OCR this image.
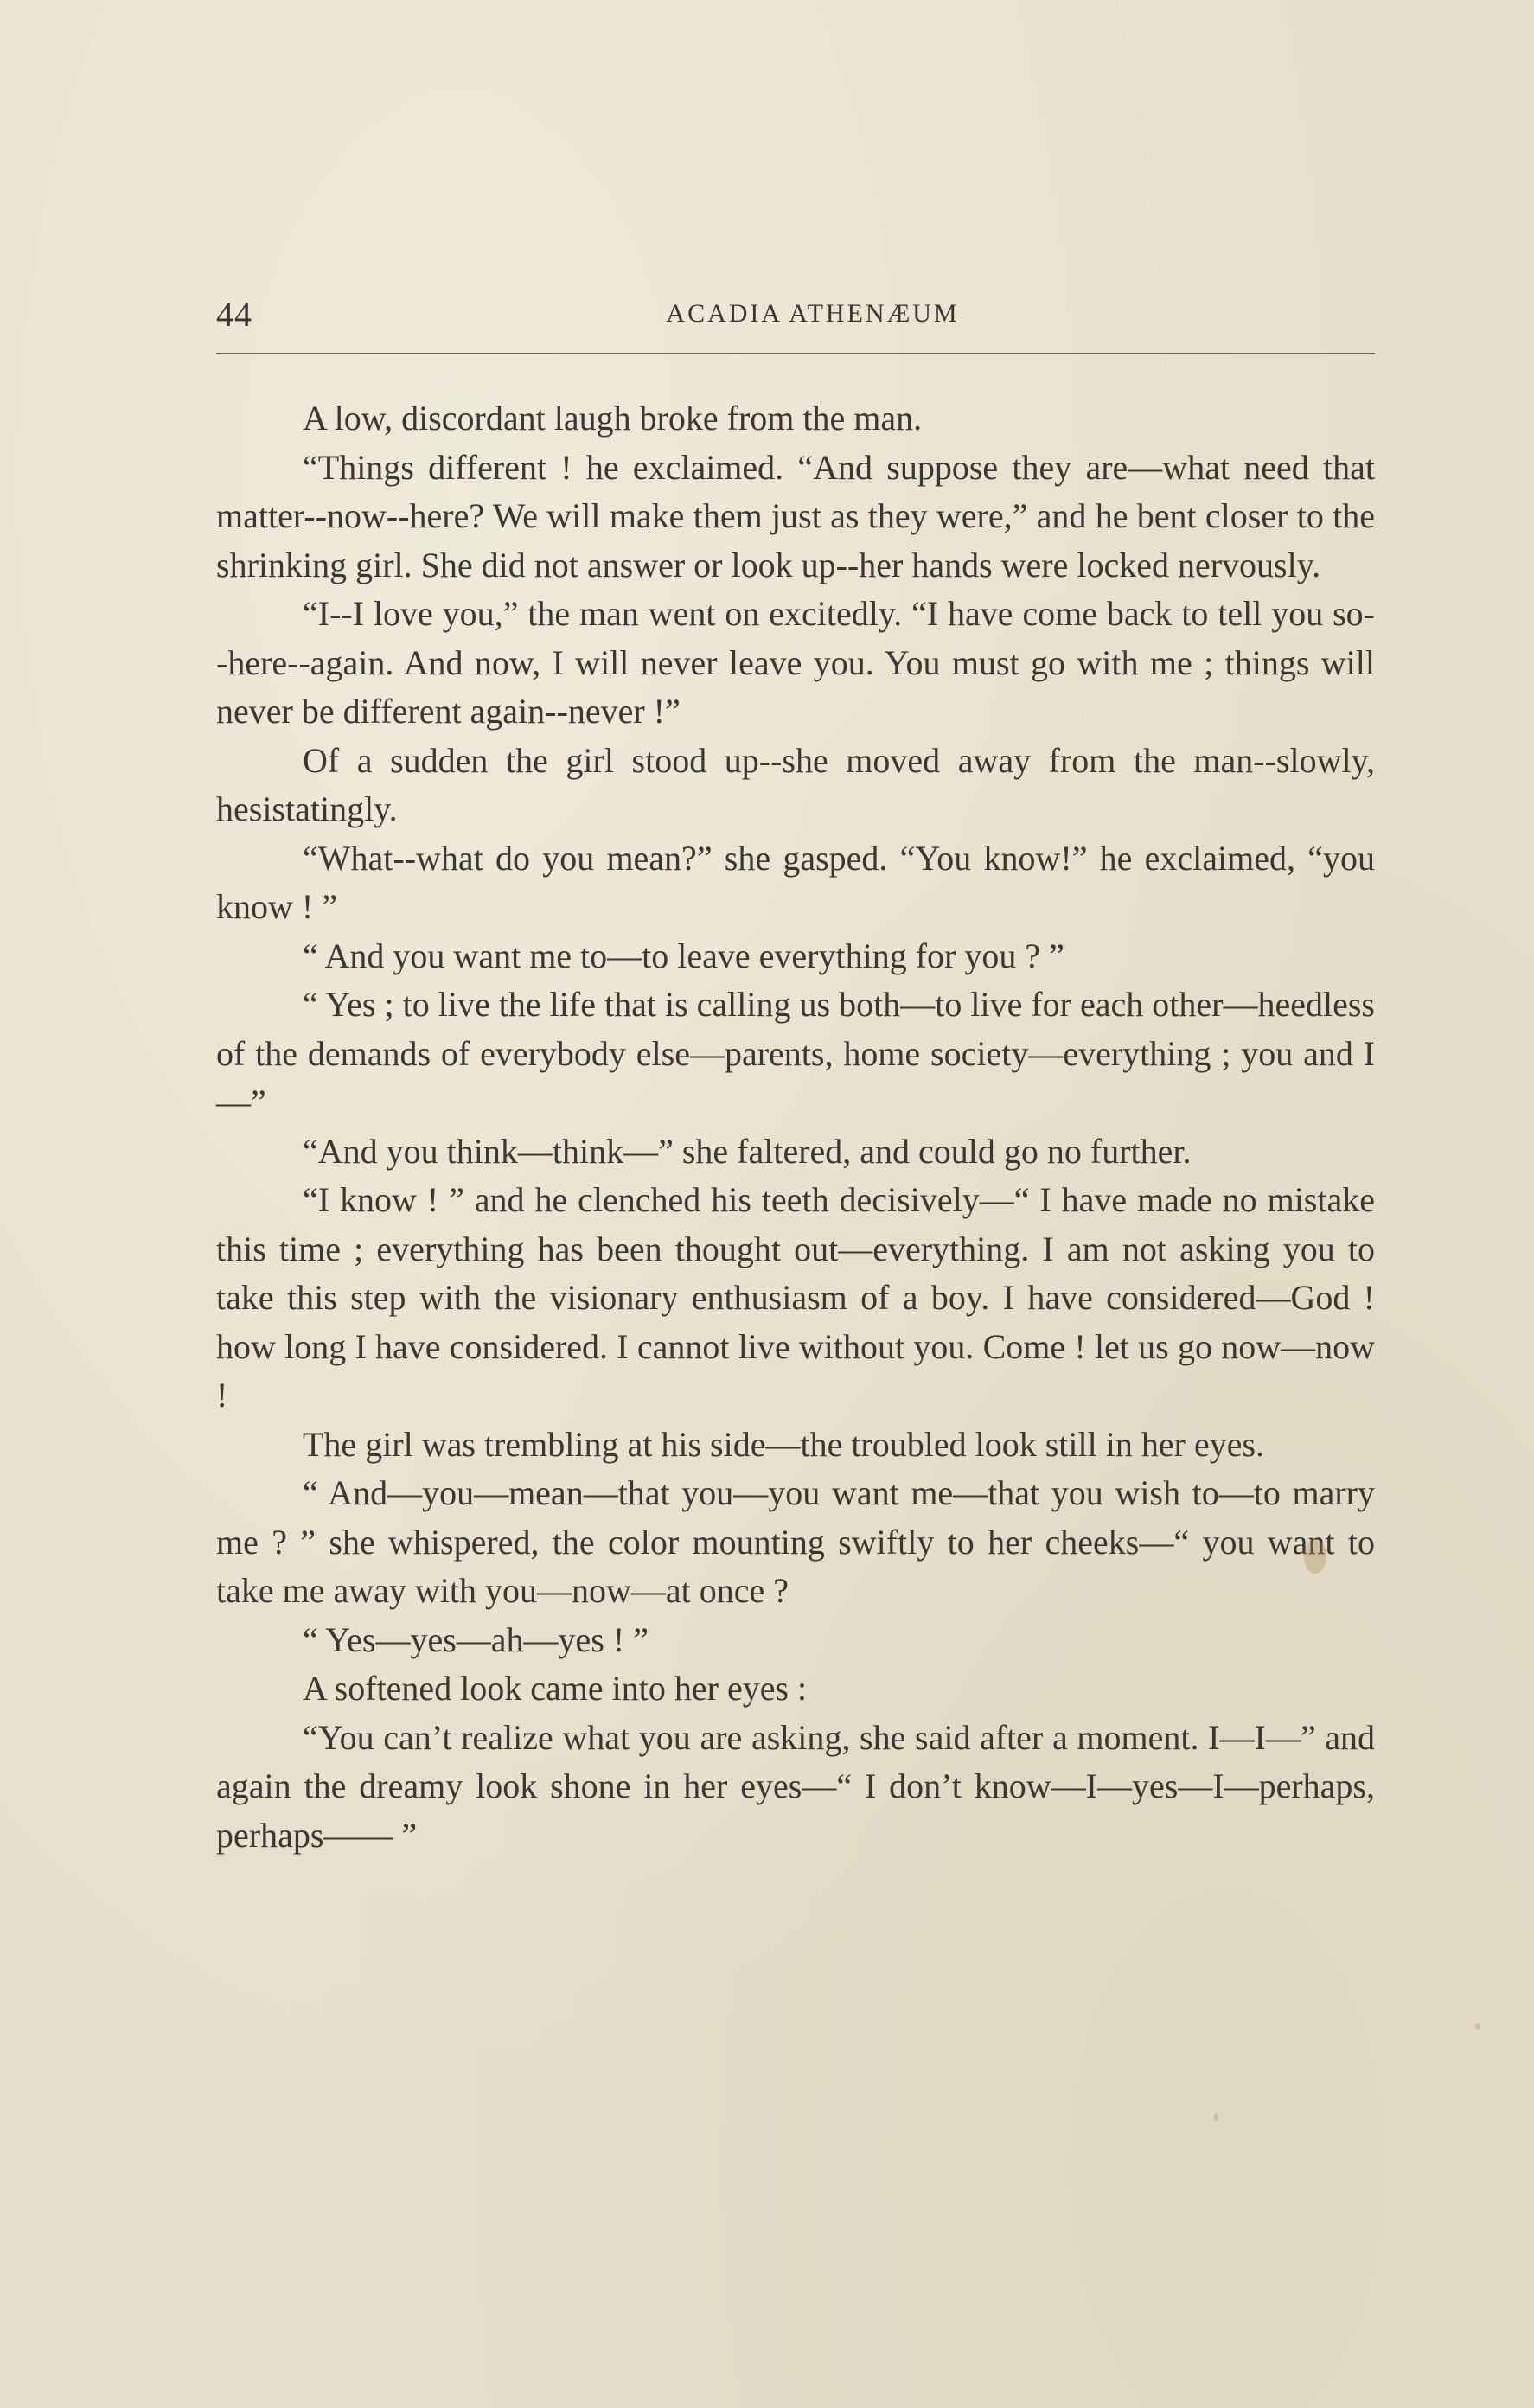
44	ACADIA ATHENÆUM

A low, discordant laugh broke from the man.

“Things different ! he exclaimed. “And suppose they are—what need that matter--now--here? We will make them just as they were,” and he bent closer to the shrinking girl. She did not answer or look up--her hands were locked nervously.

“I--I love you,” the man went on excitedly. “I have come back to tell you so--here--again. And now, I will never leave you. You must go with me ; things will never be different again--never !”

Of a sudden the girl stood up--she moved away from the man--slowly, hesistatingly.

“What--what do you mean?” she gasped. “You know!” he exclaimed, “you know ! ”

“ And you want me to—to leave everything for you ? ”

“ Yes ; to live the life that is calling us both—to live for each other—heedless of the demands of everybody else—parents, home society—everything ; you and I—”

“And you think—think—” she faltered, and could go no further.

“I know ! ” and he clenched his teeth decisively—“ I have made no mistake this time ; everything has been thought out—everything. I am not asking you to take this step with the visionary enthusiasm of a boy. I have considered—God ! how long I have considered. I cannot live without you. Come ! let us go now—now !

The girl was trembling at his side—the troubled look still in her eyes.

“ And—you—mean—that you—you want me—that you wish to—to marry me ? ” she whispered, the color mounting swiftly to her cheeks—“ you want to take me away with you—now—at once ?

“ Yes—yes—ah—yes ! ”

A softened look came into her eyes :

“You can’t realize what you are asking, she said after a moment. I—I—” and again the dreamy look shone in her eyes—“ I don’t know—I—yes—I—perhaps, perhaps—— ”
